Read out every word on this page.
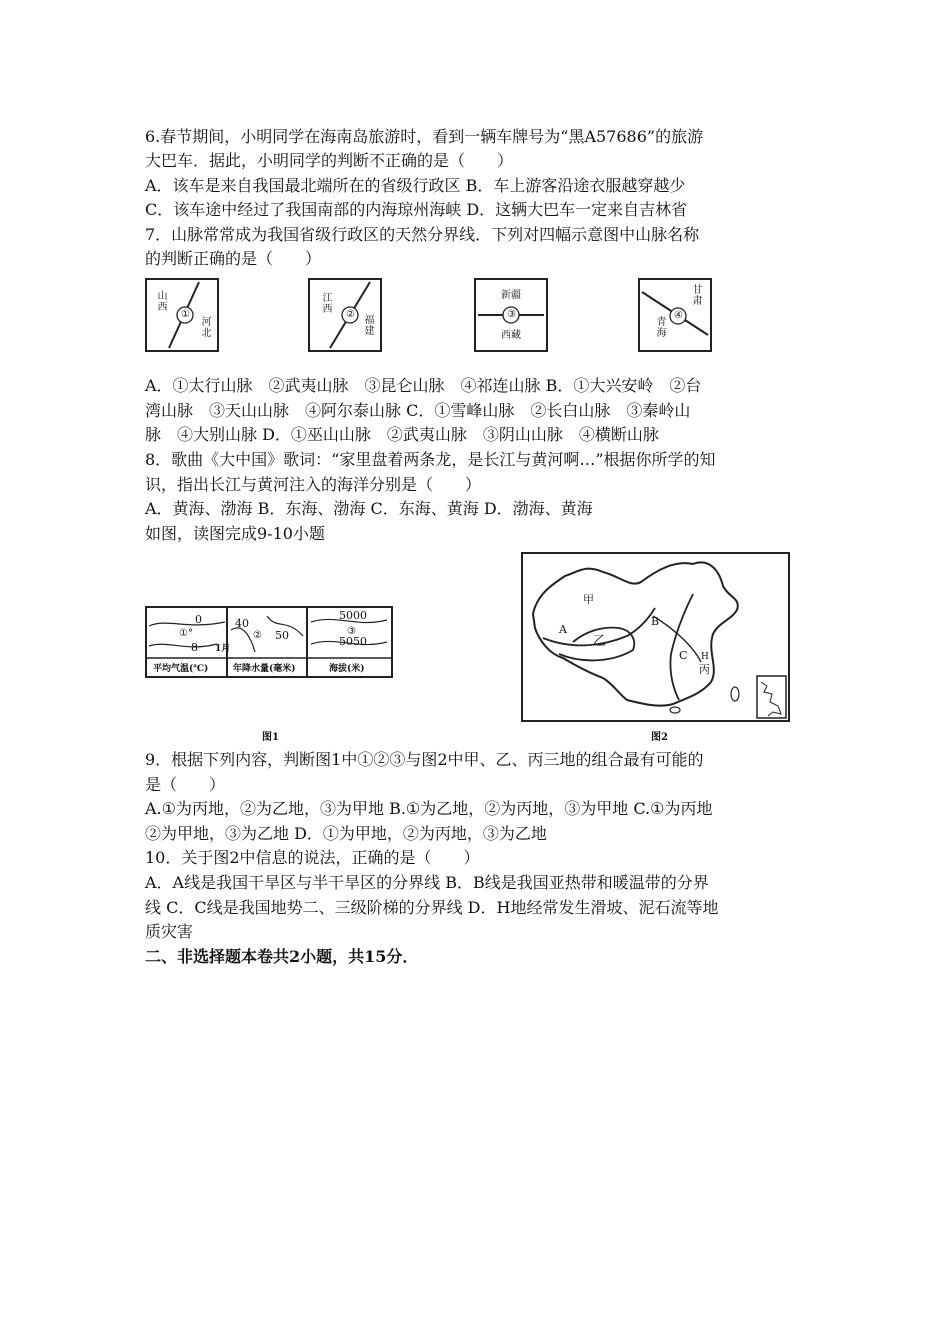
6.春节期间，小明同学在海南岛旅游时，看到一辆车牌号为“黑A57686”的旅游
大巴车．据此，小明同学的判断不正确的是（　　）
A．该车是来自我国最北端所在的省级行政区 B．车上游客沿途衣服越穿越少
C．该车途中经过了我国南部的内海琼州海峡 D．这辆大巴车一定来自吉林省
7．山脉常常成为我国省级行政区的天然分界线．下列对四幅示意图中山脉名称
的判断正确的是（　　）
①
山西
河北
②
江西
福建	③
新疆
西藏
④
甘肃
青海
A．①太行山脉　②武夷山脉　③昆仑山脉　④祁连山脉 B．①大兴安岭　②台
湾山脉　③天山山脉　④阿尔泰山脉 C．①雪峰山脉　②长白山脉　③秦岭山
脉　④大别山脉 D．①巫山山脉　②武夷山脉　③阴山山脉　④横断山脉
8．歌曲《大中国》歌词：“家里盘着两条龙，是长江与黄河啊…”根据你所学的知
识，指出长江与黄河注入的海洋分别是（　　）
A．黄海、渤海 B．东海、渤海 C．东海、黄海 D．渤海、黄海
如图，读图完成9-10小题
0
①°
8 1月
40
② 50
5000
③
5050
平均气温(℃)	年降水量(毫米)	海拔(米)
图1
甲
乙
丙
A
B
C H
图2
9．根据下列内容，判断图1中①②③与图2中甲、乙、丙三地的组合最有可能的
是（　　）
A.①为丙地，②为乙地，③为甲地 B.①为乙地，②为丙地，③为甲地 C.①为丙地
②为甲地，③为乙地 D．①为甲地，②为丙地，③为乙地
10．关于图2中信息的说法，正确的是（　　）
A．A线是我国干旱区与半干旱区的分界线 B．B线是我国亚热带和暖温带的分界
线 C．C线是我国地势二、三级阶梯的分界线 D．H地经常发生滑坡、泥石流等地
质灾害
二、非选择题本卷共2小题，共15分．
